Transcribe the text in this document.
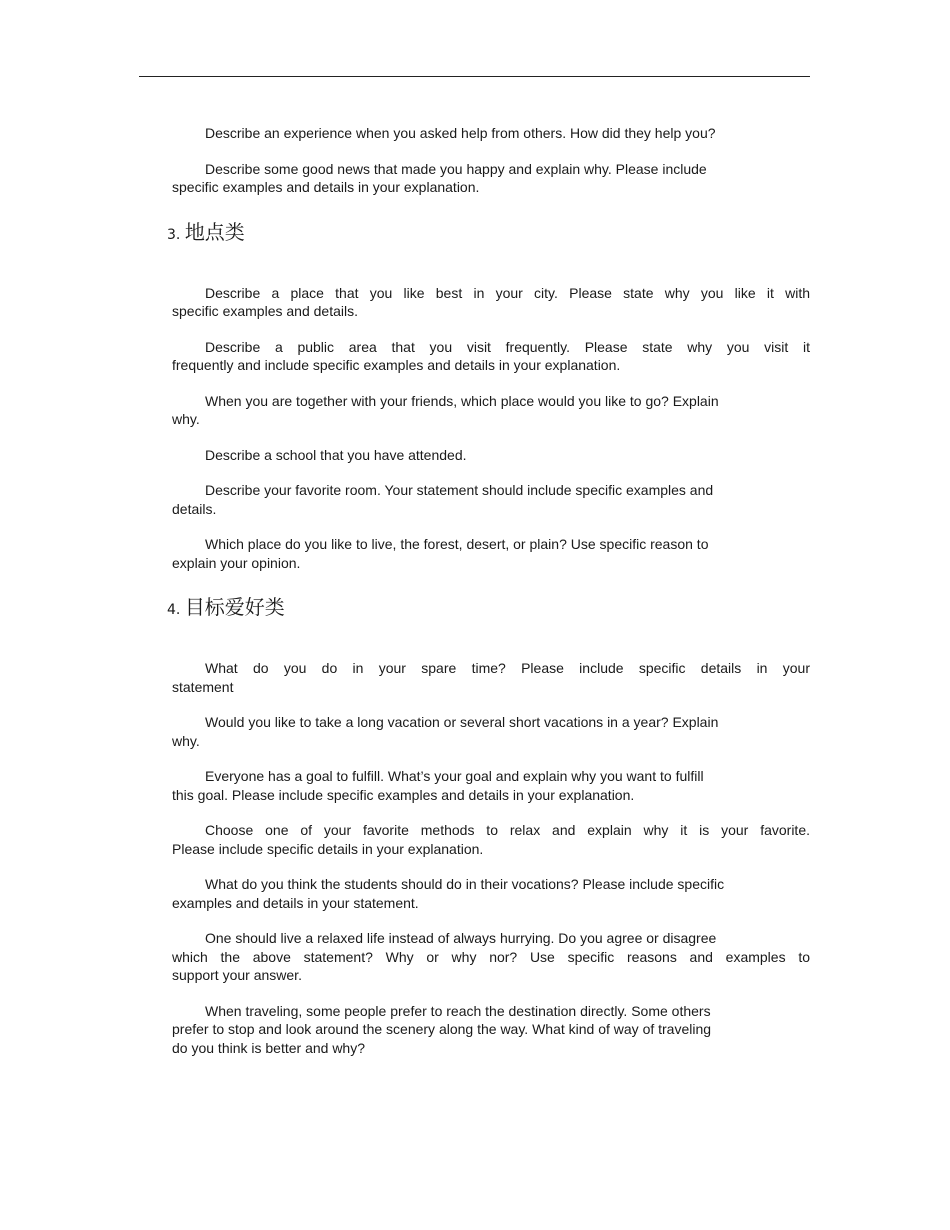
Describe an experience when you asked help from others. How did they help you?
Describe some good news that made you happy and explain why. Please include
specific examples and details in your explanation.
3. 地点类
Describe a place that you like best in your city. Please state why you like it with
specific examples and details.
Describe a public area that you visit frequently. Please state why you visit it
frequently and include specific examples and details in your explanation.
When you are together with your friends, which place would you like to go? Explain
why.
Describe a school that you have attended.
Describe your favorite room. Your statement should include specific examples and
details.
Which place do you like to live, the forest, desert, or plain? Use specific reason to
explain your opinion.
4. 目标爱好类
What do you do in your spare time? Please include specific details in your
statement
Would you like to take a long vacation or several short vacations in a year? Explain
why.
Everyone has a goal to fulfill. What’s your goal and explain why you want to fulfill
this goal. Please include specific examples and details in your explanation.
Choose one of your favorite methods to relax and explain why it is your favorite.
Please include specific details in your explanation.
What do you think the students should do in their vocations? Please include specific
examples and details in your statement.
One should live a relaxed life instead of always hurrying. Do you agree or disagree
which the above statement? Why or why nor? Use specific reasons and examples to
support your answer.
When traveling, some people prefer to reach the destination directly. Some others
prefer to stop and look around the scenery along the way. What kind of way of traveling
do you think is better and why?
